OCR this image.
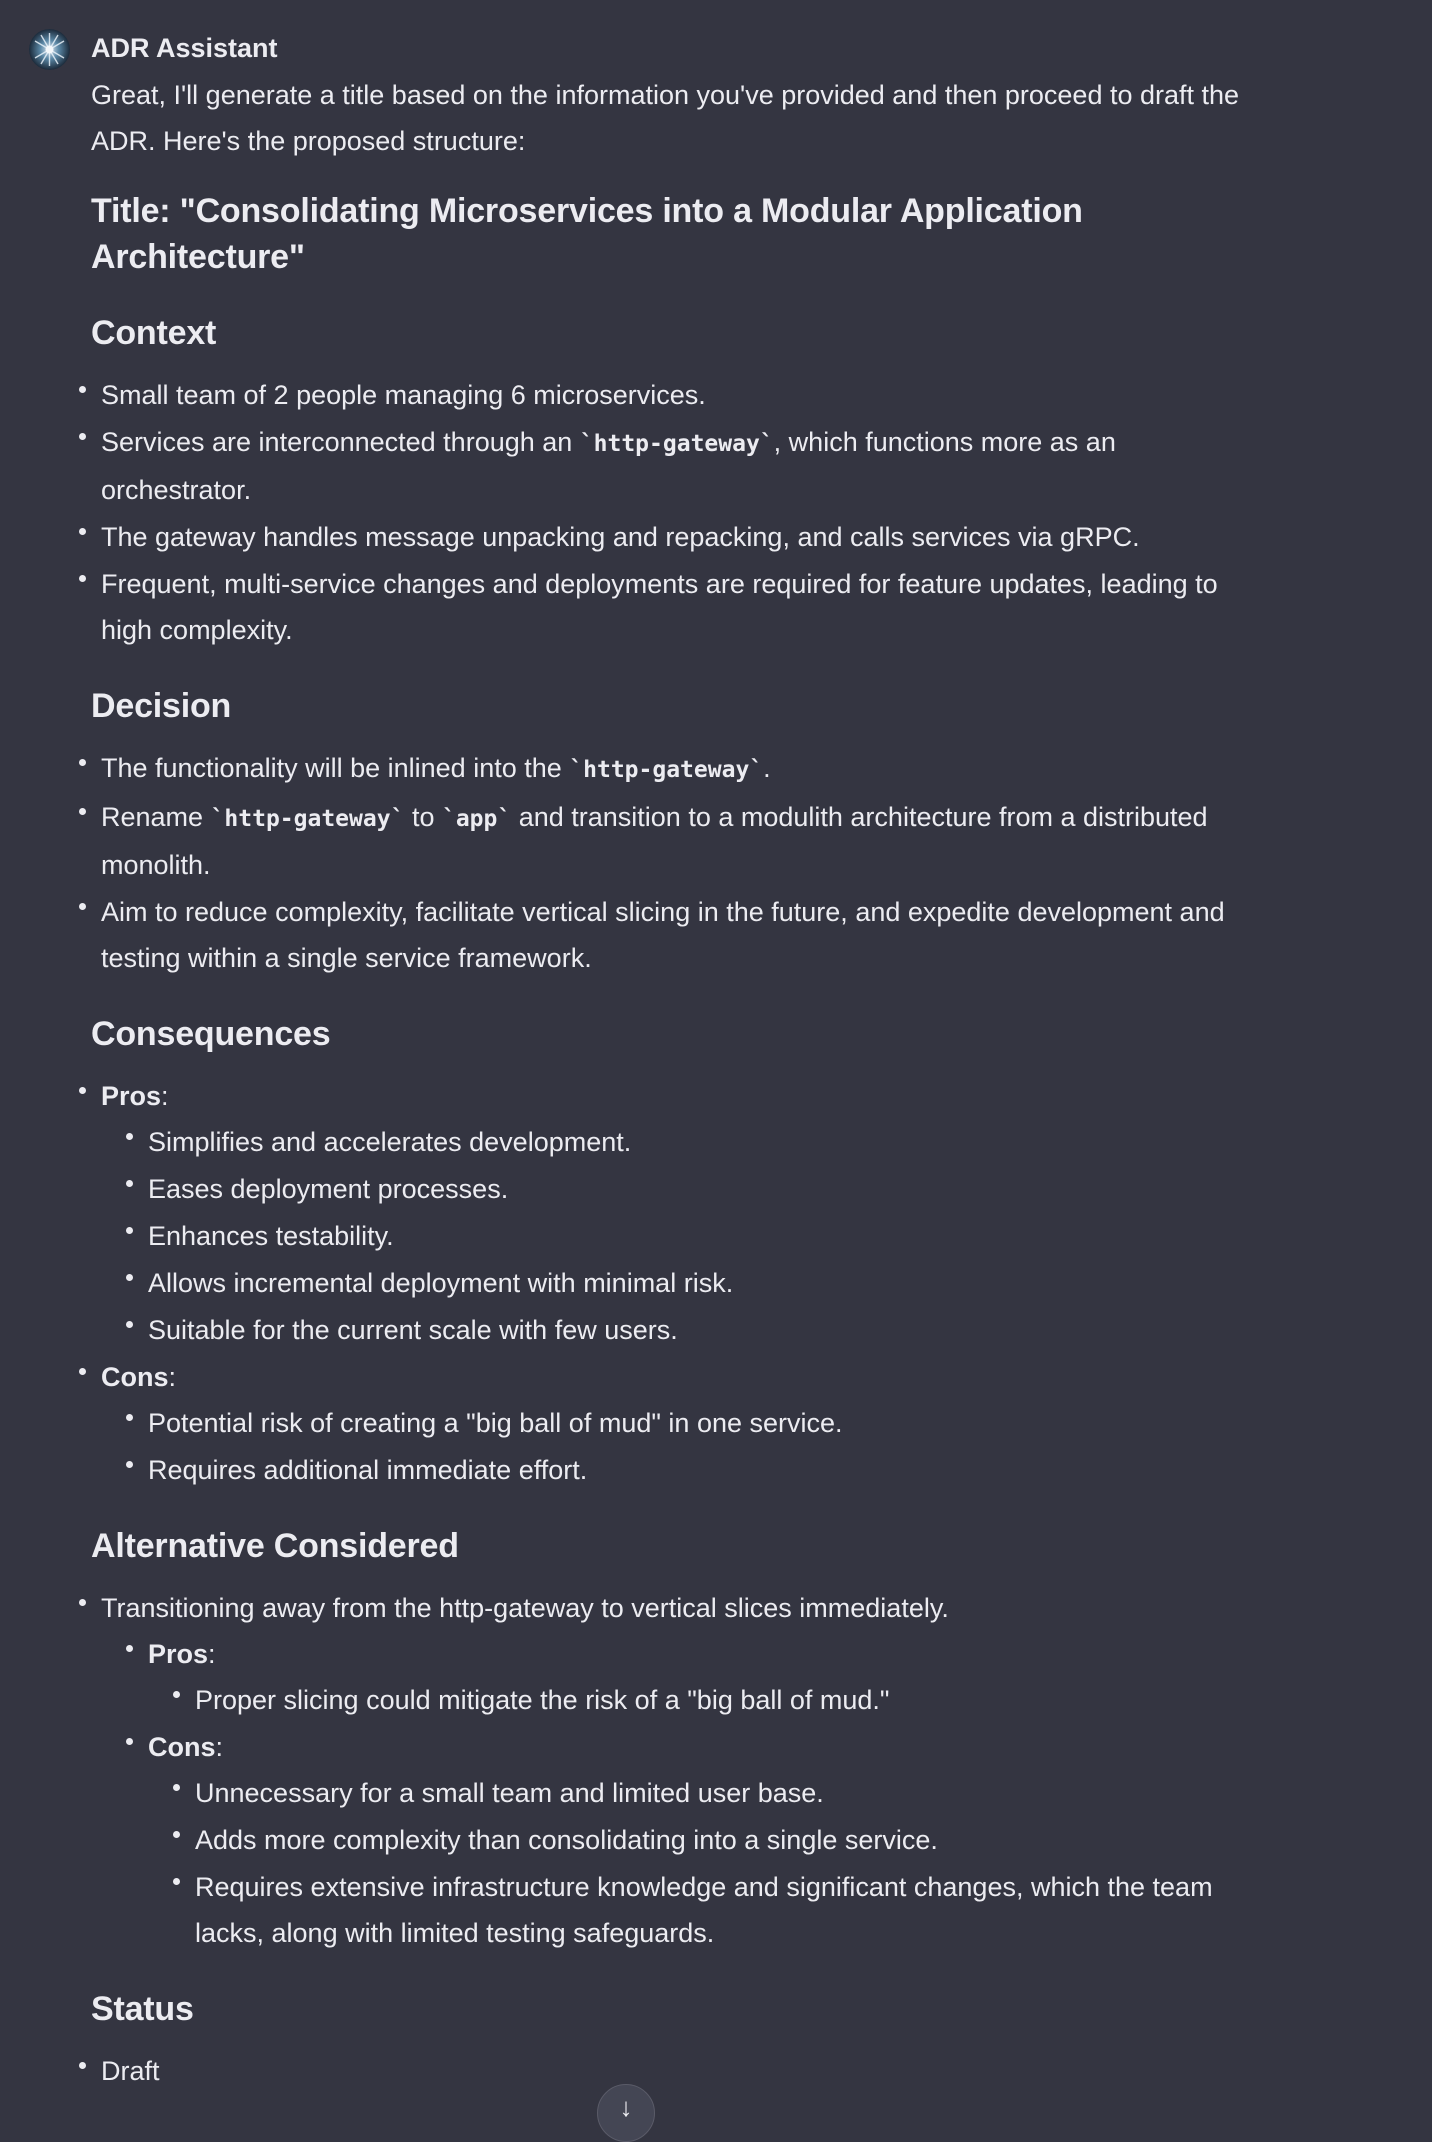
ADR Assistant

Great, I'll generate a title based on the information you've provided and then proceed to draft the ADR. Here's the proposed structure:

Title: "Consolidating Microservices into a Modular Application Architecture"
Context
Small team of 2 people managing 6 microservices.
Services are interconnected through an `http-gateway`, which functions more as an orchestrator.
The gateway handles message unpacking and repacking, and calls services via gRPC.
Frequent, multi-service changes and deployments are required for feature updates, leading to high complexity.
Decision
The functionality will be inlined into the `http-gateway`.
Rename `http-gateway` to `app` and transition to a modulith architecture from a distributed monolith.
Aim to reduce complexity, facilitate vertical slicing in the future, and expedite development and testing within a single service framework.
Consequences
Pros:
Simplifies and accelerates development.
Eases deployment processes.
Enhances testability.
Allows incremental deployment with minimal risk.
Suitable for the current scale with few users.
Cons:
Potential risk of creating a "big ball of mud" in one service.
Requires additional immediate effort.
Alternative Considered
Transitioning away from the http-gateway to vertical slices immediately.
Pros:
Proper slicing could mitigate the risk of a "big ball of mud."
Cons:
Unnecessary for a small team and limited user base.
Adds more complexity than consolidating into a single service.
Requires extensive infrastructure knowledge and significant changes, which the team lacks, along with limited testing safeguards.
Status
Draft
↓
